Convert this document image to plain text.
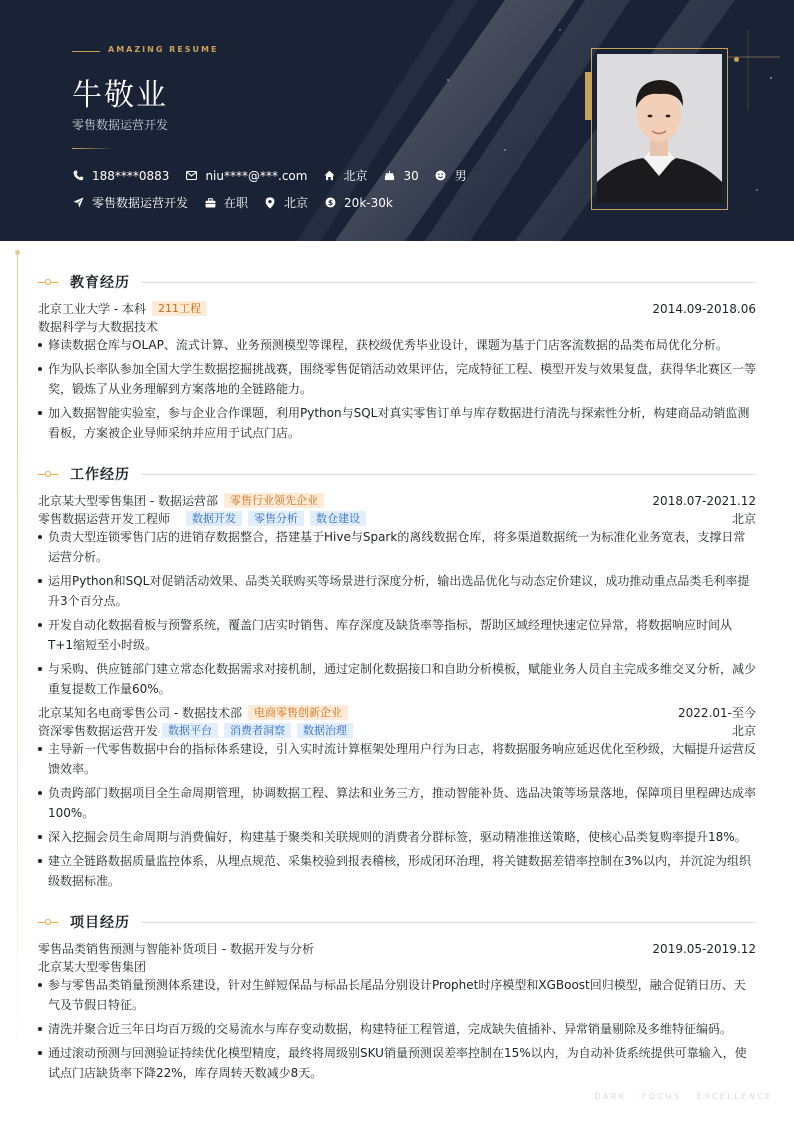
AMAZING RESUME
牛敬业
零售数据运营开发
188****0883	niu****@***.com	北京	30	男
零售数据运营开发	在职	北京 $ 20k-30k
教育经历
北京工业大学 - 本科	211工程	2014.09-2018.06
数据科学与大数据技术
修读数据仓库与OLAP、流式计算、业务预测模型等课程，获校级优秀毕业设计，课题为基于门店客流数据的品类布局优化分析。
作为队长率队参加全国大学生数据挖掘挑战赛，围绕零售促销活动效果评估，完成特征工程、模型开发与效果复盘，获得华北赛区一等奖，锻炼了从业务理解到方案落地的全链路能力。
加入数据智能实验室，参与企业合作课题，利用Python与SQL对真实零售订单与库存数据进行清洗与探索性分析，构建商品动销监测看板，方案被企业导师采纳并应用于试点门店。
工作经历
北京某大型零售集团 - 数据运营部	零售行业领先企业	2018.07-2021.12
零售数据运营开发工程师	数据开发	零售分析	数仓建设	北京
负责大型连锁零售门店的进销存数据整合，搭建基于Hive与Spark的离线数据仓库，将多渠道数据统一为标准化业务宽表，支撑日常运营分析。
运用Python和SQL对促销活动效果、品类关联购买等场景进行深度分析，输出选品优化与动态定价建议，成功推动重点品类毛利率提升3个百分点。
开发自动化数据看板与预警系统，覆盖门店实时销售、库存深度及缺货率等指标，帮助区域经理快速定位异常，将数据响应时间从T+1缩短至小时级。
与采购、供应链部门建立常态化数据需求对接机制，通过定制化数据接口和自助分析模板，赋能业务人员自主完成多维交叉分析，减少重复提数工作量60%。
北京某知名电商零售公司 - 数据技术部	电商零售创新企业	2022.01-至今
资深零售数据运营开发 数据平台	消费者洞察	数据治理	北京
主导新一代零售数据中台的指标体系建设，引入实时流计算框架处理用户行为日志，将数据服务响应延迟优化至秒级，大幅提升运营反馈效率。
负责跨部门数据项目全生命周期管理，协调数据工程、算法和业务三方，推动智能补货、选品决策等场景落地，保障项目里程碑达成率100%。
深入挖掘会员生命周期与消费偏好，构建基于聚类和关联规则的消费者分群标签，驱动精准推送策略，使核心品类复购率提升18%。
建立全链路数据质量监控体系，从埋点规范、采集校验到报表稽核，形成闭环治理，将关键数据差错率控制在3%以内，并沉淀为组织级数据标准。
项目经历
零售品类销售预测与智能补货项目 - 数据开发与分析	2019.05-2019.12
北京某大型零售集团
参与零售品类销量预测体系建设，针对生鲜短保品与标品长尾品分别设计Prophet时序模型和XGBoost回归模型，融合促销日历、天气及节假日特征。
清洗并聚合近三年日均百万级的交易流水与库存变动数据，构建特征工程管道，完成缺失值插补、异常销量剔除及多维特征编码。
通过滚动预测与回测验证持续优化模型精度，最终将周级别SKU销量预测误差率控制在15%以内，为自动补货系统提供可靠输入，使试点门店缺货率下降22%，库存周转天数减少8天。
DARK · FOCUS · EXCELLENCE
